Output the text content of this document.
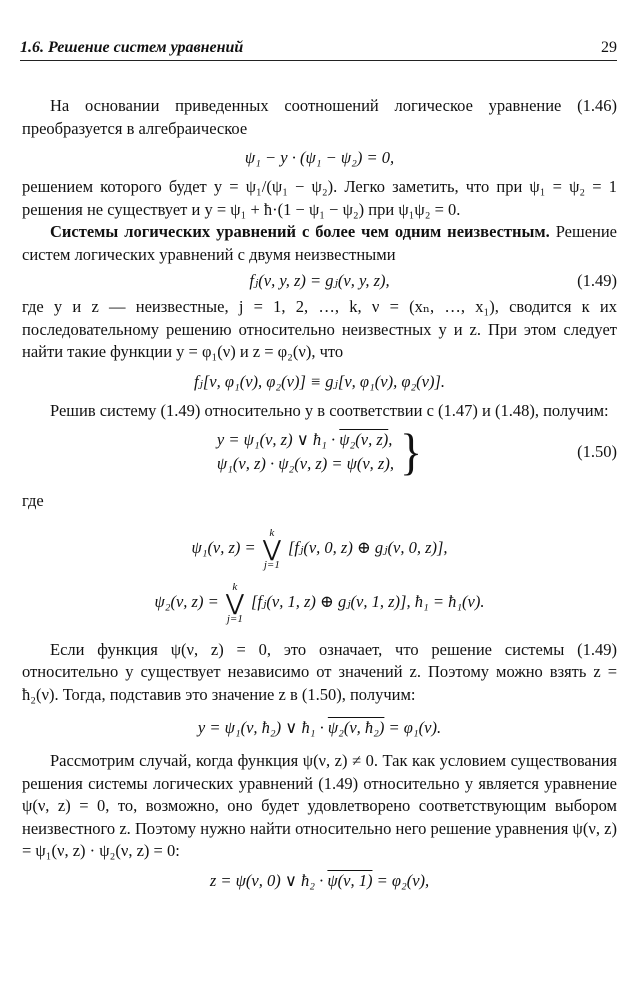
1.6. Решение систем уравнений	29

На основании приведенных соотношений логическое уравнение (1.46) преобразуется в алгебраическое

ψ₁ − y · (ψ₁ − ψ₂) = 0,

решением которого будет y = ψ₁/(ψ₁ − ψ₂). Легко заметить, что при ψ₁ = ψ₂ = 1 решения не существует и y = ψ₁ + ħ·(1 − ψ₁ − ψ₂) при ψ₁ψ₂ = 0.

Системы логических уравнений с более чем одним неизвестным. Решение систем логических уравнений с двумя неизвестными

fⱼ(ν, y, z) = gⱼ(ν, y, z),	(1.49)

где y и z — неизвестные, j = 1, 2, …, k, ν = (xₙ, …, x₁), сводится к их последовательному решению относительно неизвестных y и z. При этом следует найти такие функции y = φ₁(ν) и z = φ₂(ν), что

fⱼ[ν, φ₁(ν), φ₂(ν)] ≡ gⱼ[ν, φ₁(ν), φ₂(ν)].

Решив систему (1.49) относительно y в соответствии с (1.47) и (1.48), получим:

y = ψ₁(ν, z) ∨ ħ₁ · ψ₂(ν, z),
ψ₁(ν, z) · ψ₂(ν, z) = ψ(ν, z), }	(1.50)

где

ψ₁(ν, z) =
k
⋁
j=1
[fⱼ(ν, 0, z) ⊕ gⱼ(ν, 0, z)],
ψ₂(ν, z) =
k
⋁
j=1
[fⱼ(ν, 1, z) ⊕ gⱼ(ν, 1, z)], ħ₁ = ħ₁(ν).

Если функция ψ(ν, z) = 0, это означает, что решение системы (1.49) относительно y существует независимо от значений z. Поэтому можно взять z = ħ₂(ν). Тогда, подставив это значение z в (1.50), получим:

y = ψ₁(ν, ħ₂) ∨ ħ₁ · ψ₂(ν, ħ₂) = φ₁(ν).

Рассмотрим случай, когда функция ψ(ν, z) ≠ 0. Так как условием существования решения системы логических уравнений (1.49) относительно y является уравнение ψ(ν, z) = 0, то, возможно, оно будет удовлетворено соответствующим выбором неизвестного z. Поэтому нужно найти относительно него решение уравнения ψ(ν, z) = ψ₁(ν, z) · ψ₂(ν, z) = 0:

z = ψ(ν, 0) ∨ ħ₂ · ψ(ν, 1) = φ₂(ν),
